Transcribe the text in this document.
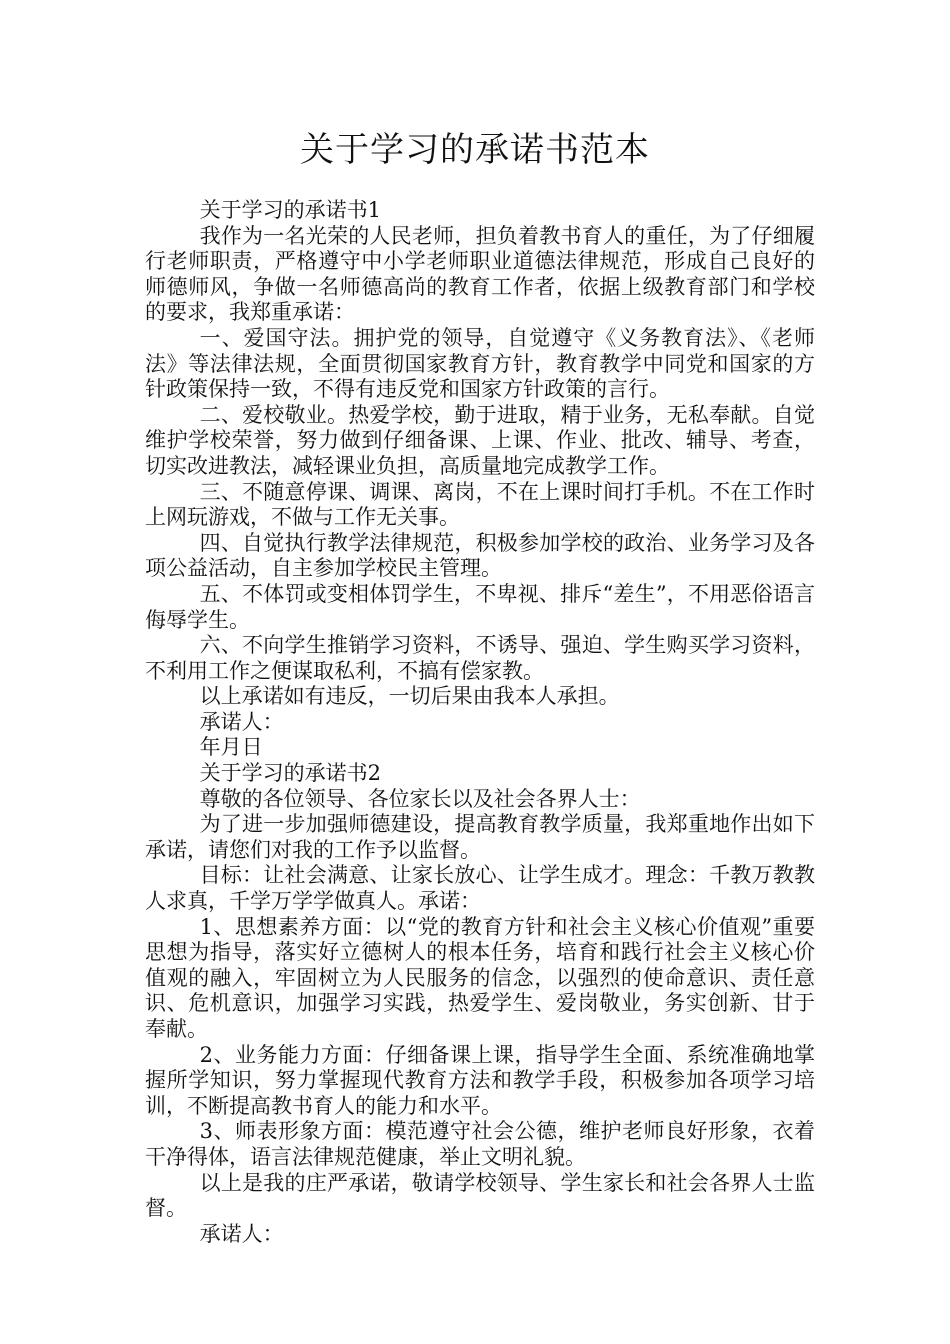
关于学习的承诺书范本

关于学习的承诺书1

我作为一名光荣的人民老师，担负着教书育人的重任，为了仔细履行老师职责，严格遵守中小学老师职业道德法律规范，形成自己良好的师德师风，争做一名师德高尚的教育工作者，依据上级教育部门和学校的要求，我郑重承诺：

一、爱国守法。拥护党的领导，自觉遵守《义务教育法》、《老师法》等法律法规，全面贯彻国家教育方针，教育教学中同党和国家的方针政策保持一致，不得有违反党和国家方针政策的言行。

二、爱校敬业。热爱学校，勤于进取，精于业务，无私奉献。自觉维护学校荣誉，努力做到仔细备课、上课、作业、批改、辅导、考查，切实改进教法，减轻课业负担，高质量地完成教学工作。

三、不随意停课、调课、离岗，不在上课时间打手机。不在工作时上网玩游戏，不做与工作无关事。

四、自觉执行教学法律规范，积极参加学校的政治、业务学习及各项公益活动，自主参加学校民主管理。

五、不体罚或变相体罚学生，不卑视、排斥“差生”，不用恶俗语言侮辱学生。

六、不向学生推销学习资料，不诱导、强迫、学生购买学习资料，不利用工作之便谋取私利，不搞有偿家教。

以上承诺如有违反，一切后果由我本人承担。

承诺人：

年月日

关于学习的承诺书2

尊敬的各位领导、各位家长以及社会各界人士：

为了进一步加强师德建设，提高教育教学质量，我郑重地作出如下承诺，请您们对我的工作予以监督。

目标：让社会满意、让家长放心、让学生成才。理念：千教万教教人求真，千学万学学做真人。承诺：

1、思想素养方面：以“党的教育方针和社会主义核心价值观”重要思想为指导，落实好立德树人的根本任务，培育和践行社会主义核心价值观的融入，牢固树立为人民服务的信念，以强烈的使命意识、责任意识、危机意识，加强学习实践，热爱学生、爱岗敬业，务实创新、甘于奉献。

2、业务能力方面：仔细备课上课，指导学生全面、系统准确地掌握所学知识，努力掌握现代教育方法和教学手段，积极参加各项学习培训，不断提高教书育人的能力和水平。

3、师表形象方面：模范遵守社会公德，维护老师良好形象，衣着干净得体，语言法律规范健康，举止文明礼貌。

以上是我的庄严承诺，敬请学校领导、学生家长和社会各界人士监督。

承诺人：
